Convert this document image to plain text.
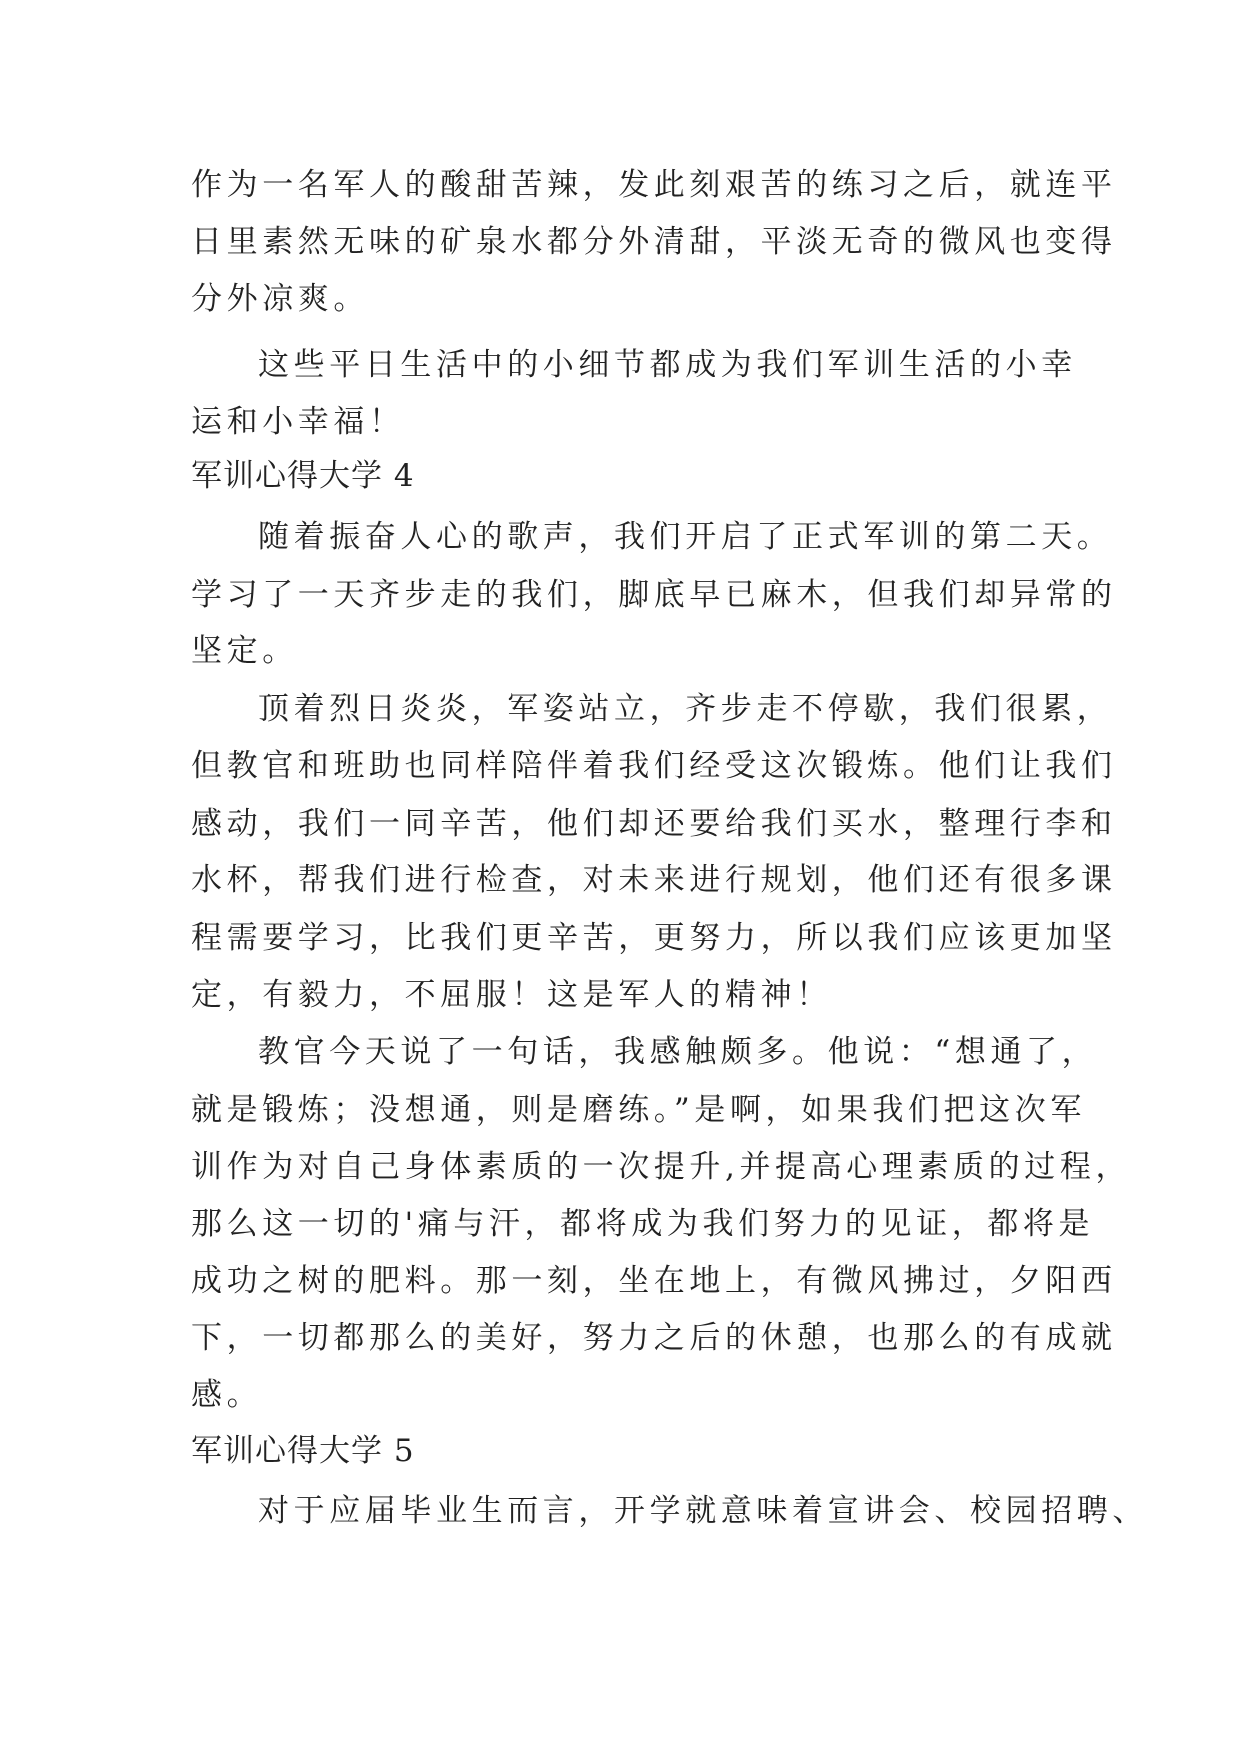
作为一名军人的酸甜苦辣，发此刻艰苦的练习之后，就连平
日里素然无味的矿泉水都分外清甜，平淡无奇的微风也变得
分外凉爽。
这些平日生活中的小细节都成为我们军训生活的小幸
运和小幸福！
军训心得大学 4
随着振奋人心的歌声，我们开启了正式军训的第二天。
学习了一天齐步走的我们，脚底早已麻木，但我们却异常的
坚定。
顶着烈日炎炎，军姿站立，齐步走不停歇，我们很累，
但教官和班助也同样陪伴着我们经受这次锻炼。他们让我们
感动，我们一同辛苦，他们却还要给我们买水，整理行李和
水杯，帮我们进行检查，对未来进行规划，他们还有很多课
程需要学习，比我们更辛苦，更努力，所以我们应该更加坚
定，有毅力，不屈服！这是军人的精神！
教官今天说了一句话，我感触颇多。他说：“想通了，
就是锻炼；没想通，则是磨练。”是啊，如果我们把这次军
训作为对自己身体素质的一次提升,并提高心理素质的过程，
那么这一切的'痛与汗，都将成为我们努力的见证，都将是
成功之树的肥料。那一刻，坐在地上，有微风拂过，夕阳西
下，一切都那么的美好，努力之后的休憩，也那么的有成就
感。
军训心得大学 5
对于应届毕业生而言，开学就意味着宣讲会、校园招聘、
